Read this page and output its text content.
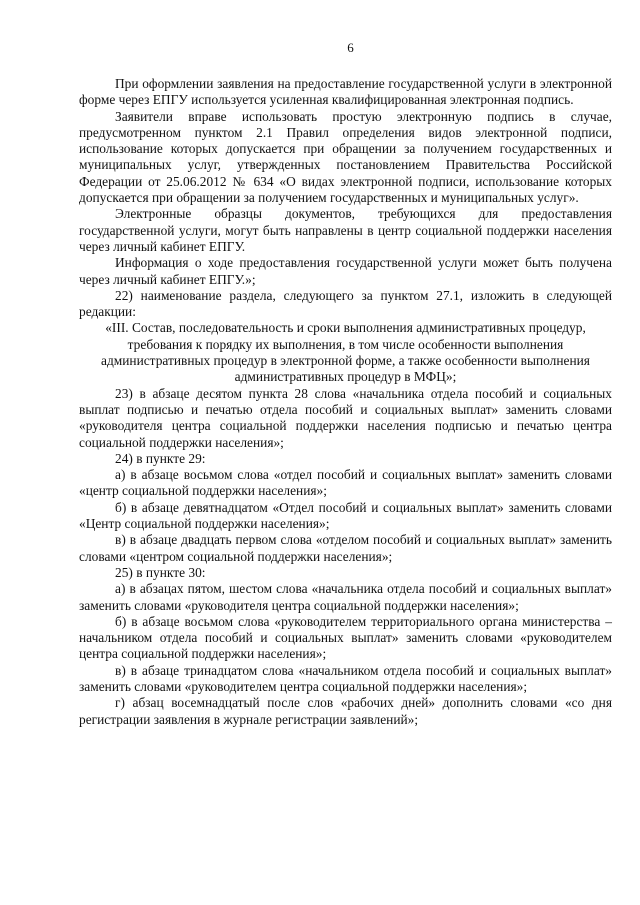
6

При оформлении заявления на предоставление государственной услуги в электронной форме через ЕПГУ используется усиленная квалифицированная электронная подпись.

Заявители вправе использовать простую электронную подпись в случае, предусмотренном пунктом 2.1 Правил определения видов электронной подписи, использование которых допускается при обращении за получением государственных и муниципальных услуг, утвержденных постановлением Правительства Российской Федерации от 25.06.2012 № 634 «О видах электронной подписи, использование которых допускается при обращении за получением государственных и муниципальных услуг».

Электронные образцы документов, требующихся для предоставления государственной услуги, могут быть направлены в центр социальной поддержки населения через личный кабинет ЕПГУ.

Информация о ходе предоставления государственной услуги может быть получена через личный кабинет ЕПГУ.»;

22) наименование раздела, следующего за пунктом 27.1, изложить в следующей редакции:

«III. Состав, последовательность и сроки выполнения административных процедур, требования к порядку их выполнения, в том числе особенности выполнения административных процедур в электронной форме, а также особенности выполнения административных процедур в МФЦ»;

23) в абзаце десятом пункта 28 слова «начальника отдела пособий и социальных выплат подписью и печатью отдела пособий и социальных выплат» заменить словами «руководителя центра социальной поддержки населения подписью и печатью центра социальной поддержки населения»;

24) в пункте 29:

а) в абзаце восьмом слова «отдел пособий и социальных выплат» заменить словами «центр социальной поддержки населения»;

б) в абзаце девятнадцатом «Отдел пособий и социальных выплат» заменить словами «Центр социальной поддержки населения»;

в) в абзаце двадцать первом слова «отделом пособий и социальных выплат» заменить словами «центром социальной поддержки населения»;

25) в пункте 30:

а) в абзацах пятом, шестом слова «начальника отдела пособий и социальных выплат» заменить словами «руководителя центра социальной поддержки населения»;

б) в абзаце восьмом слова «руководителем территориального органа министерства – начальником отдела пособий и социальных выплат» заменить словами «руководителем центра социальной поддержки населения»;

в) в абзаце тринадцатом слова «начальником отдела пособий и социальных выплат» заменить словами «руководителем центра социальной поддержки населения»;

г) абзац восемнадцатый после слов «рабочих дней» дополнить словами «со дня регистрации заявления в журнале регистрации заявлений»;
